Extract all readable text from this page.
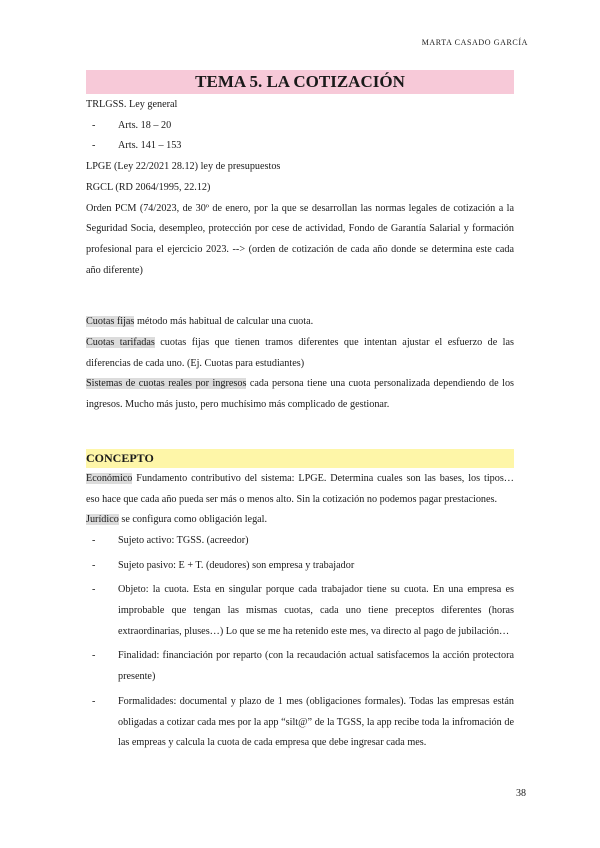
MARTA CASADO GARCÍA
TEMA 5. LA COTIZACIÓN

TRLGSS. Ley general

-	Arts. 18 – 20
-	Arts. 141 – 153

LPGE (Ley 22/2021 28.12) ley de presupuestos

RGCL (RD 2064/1995, 22.12)

Orden PCM (74/2023, de 30º de enero, por la que se desarrollan las normas legales de cotización a la Seguridad Socia, desempleo, protección por cese de actividad, Fondo de Garantía Salarial y formación profesional para el ejercicio 2023. --> (orden de cotización de cada año donde se determina este cada año diferente)

Cuotas fijas método más habitual de calcular una cuota.

Cuotas tarifadas cuotas fijas que tienen tramos diferentes que intentan ajustar el esfuerzo de las diferencias de cada uno. (Ej. Cuotas para estudiantes)

Sistemas de cuotas reales por ingresos cada persona tiene una cuota personalizada dependiendo de los ingresos. Mucho más justo, pero muchísimo más complicado de gestionar.

CONCEPTO

Económico Fundamento contributivo del sistema: LPGE. Determina cuales son las bases, los tipos… eso hace que cada año pueda ser más o menos alto. Sin la cotización no podemos pagar prestaciones.

Jurídico se configura como obligación legal.

-	Sujeto activo: TGSS. (acreedor)
-	Sujeto pasivo: E + T. (deudores) son empresa y trabajador
-	Objeto: la cuota. Esta en singular porque cada trabajador tiene su cuota. En una empresa es improbable que tengan las mismas cuotas, cada uno tiene preceptos diferentes (horas extraordinarias, pluses…) Lo que se me ha retenido este mes, va directo al pago de jubilación…
-	Finalidad: financiación por reparto (con la recaudación actual satisfacemos la acción protectora presente)
-	Formalidades: documental y plazo de 1 mes (obligaciones formales). Todas las empresas están obligadas a cotizar cada mes por la app “silt@” de la TGSS, la app recibe toda la infromación de las empreas y calcula la cuota de cada empresa que debe ingresar cada mes.
38
